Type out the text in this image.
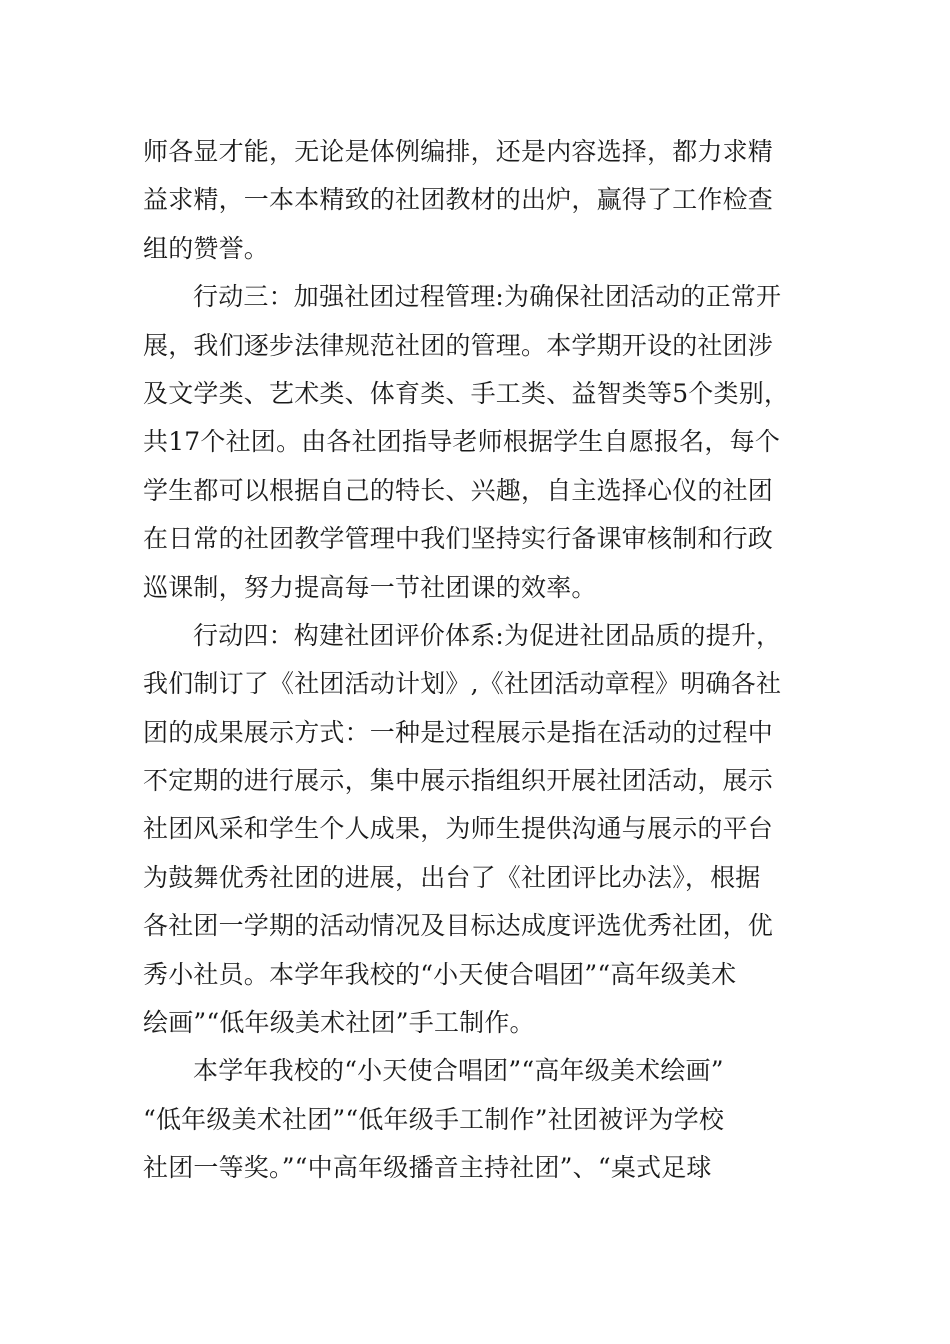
师各显才能，无论是体例编排，还是内容选择，都力求精
益求精，一本本精致的社团教材的出炉，赢得了工作检查
组的赞誉。
行动三：加强社团过程管理:为确保社团活动的正常开
展，我们逐步法律规范社团的管理。本学期开设的社团涉
及文学类、艺术类、体育类、手工类、益智类等5个类别，
共17个社团。由各社团指导老师根据学生自愿报名，每个
学生都可以根据自己的特长、兴趣，自主选择心仪的社团
在日常的社团教学管理中我们坚持实行备课审核制和行政
巡课制，努力提高每一节社团课的效率。
行动四：构建社团评价体系:为促进社团品质的提升，
我们制订了《社团活动计划》,《社团活动章程》明确各社
团的成果展示方式：一种是过程展示是指在活动的过程中
不定期的进行展示，集中展示指组织开展社团活动，展示
社团风采和学生个人成果，为师生提供沟通与展示的平台
为鼓舞优秀社团的进展，出台了《社团评比办法》，根据
各社团一学期的活动情况及目标达成度评选优秀社团，优
秀小社员。本学年我校的“小天使合唱团”“高年级美术
绘画”“低年级美术社团”手工制作。
本学年我校的“小天使合唱团”“高年级美术绘画”
“低年级美术社团”“低年级手工制作”社团被评为学校
社团一等奖。”“中高年级播音主持社团”、“桌式足球
